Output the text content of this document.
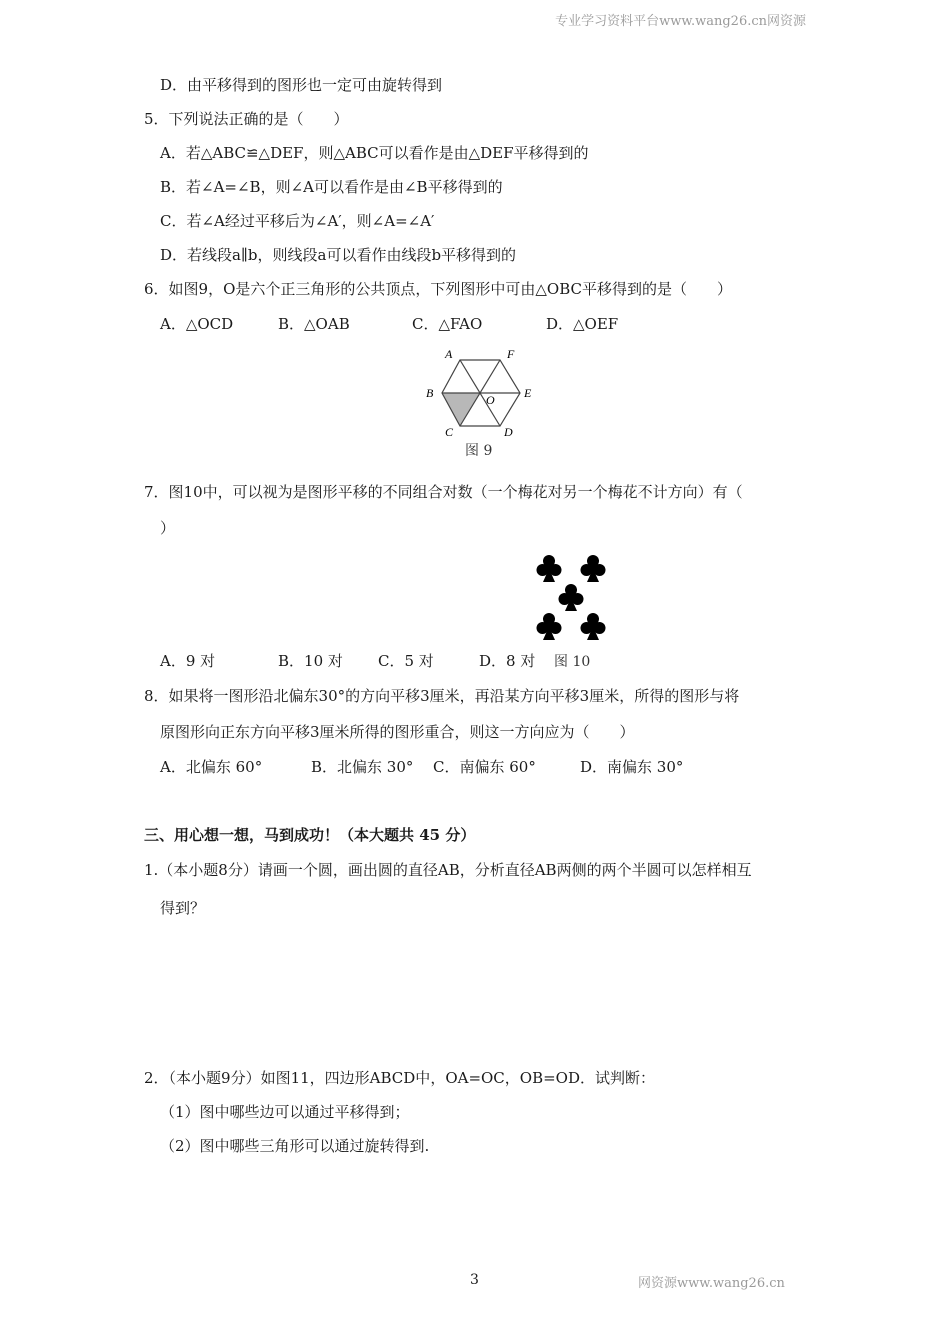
专业学习资料平台www.wang26.cn网资源
D．由平移得到的图形也一定可由旋转得到
5．下列说法正确的是（　　）
A．若△ABC≌△DEF，则△ABC可以看作是由△DEF平移得到的
B．若∠A=∠B，则∠A可以看作是由∠B平移得到的
C．若∠A经过平移后为∠A′，则∠A=∠A′
D．若线段a∥b，则线段a可以看作由线段b平移得到的
6．如图9，O是六个正三角形的公共顶点，下列图形中可由△OBC平移得到的是（　　）
A．△OCD	B．△OAB	C．△FAO	D．△OEF
A	F
B	E
O
C	D
图 9
7．图10中，可以视为是图形平移的不同组合对数（一个梅花对另一个梅花不计方向）有（
）
A．9 对	B．10 对 C．5 对	D．8 对 图 10
8．如果将一图形沿北偏东30°的方向平移3厘米，再沿某方向平移3厘米，所得的图形与将
原图形向正东方向平移3厘米所得的图形重合，则这一方向应为（　　）
A．北偏东 60°	B．北偏东 30° C．南偏东 60°	D．南偏东 30°
三、用心想一想，马到成功！（本大题共 45 分）
1.（本小题8分）请画一个圆，画出圆的直径AB，分析直径AB两侧的两个半圆可以怎样相互
得到？
2．（本小题9分）如图11，四边形ABCD中，OA=OC，OB=OD．试判断：
（1）图中哪些边可以通过平移得到；
（2）图中哪些三角形可以通过旋转得到.
3	网资源www.wang26.cn
